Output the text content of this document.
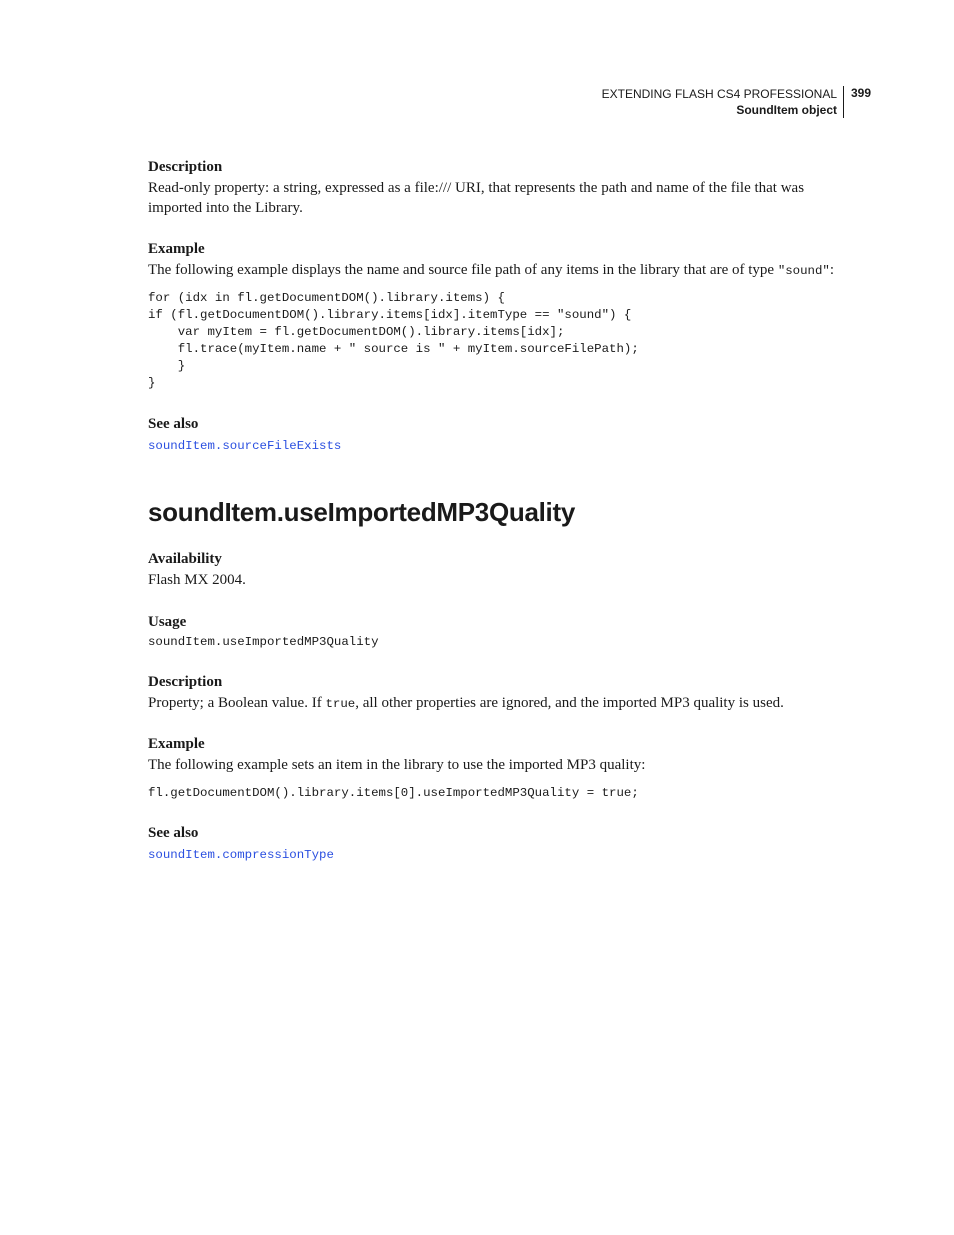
EXTENDING FLASH CS4 PROFESSIONAL
SoundItem object
399
Description
Read-only property: a string, expressed as a file:/// URI, that represents the path and name of the file that was imported into the Library.
Example
The following example displays the name and source file path of any items in the library that are of type "sound":
for (idx in fl.getDocumentDOM().library.items) {
if (fl.getDocumentDOM().library.items[idx].itemType == "sound") {
var myItem = fl.getDocumentDOM().library.items[idx];
fl.trace(myItem.name + " source is " + myItem.sourceFilePath);
}
}
See also
soundItem.sourceFileExists
soundItem.useImportedMP3Quality
Availability
Flash MX 2004.
Usage
soundItem.useImportedMP3Quality
Description
Property; a Boolean value. If true, all other properties are ignored, and the imported MP3 quality is used.
Example
The following example sets an item in the library to use the imported MP3 quality:
fl.getDocumentDOM().library.items[0].useImportedMP3Quality = true;
See also
soundItem.compressionType
